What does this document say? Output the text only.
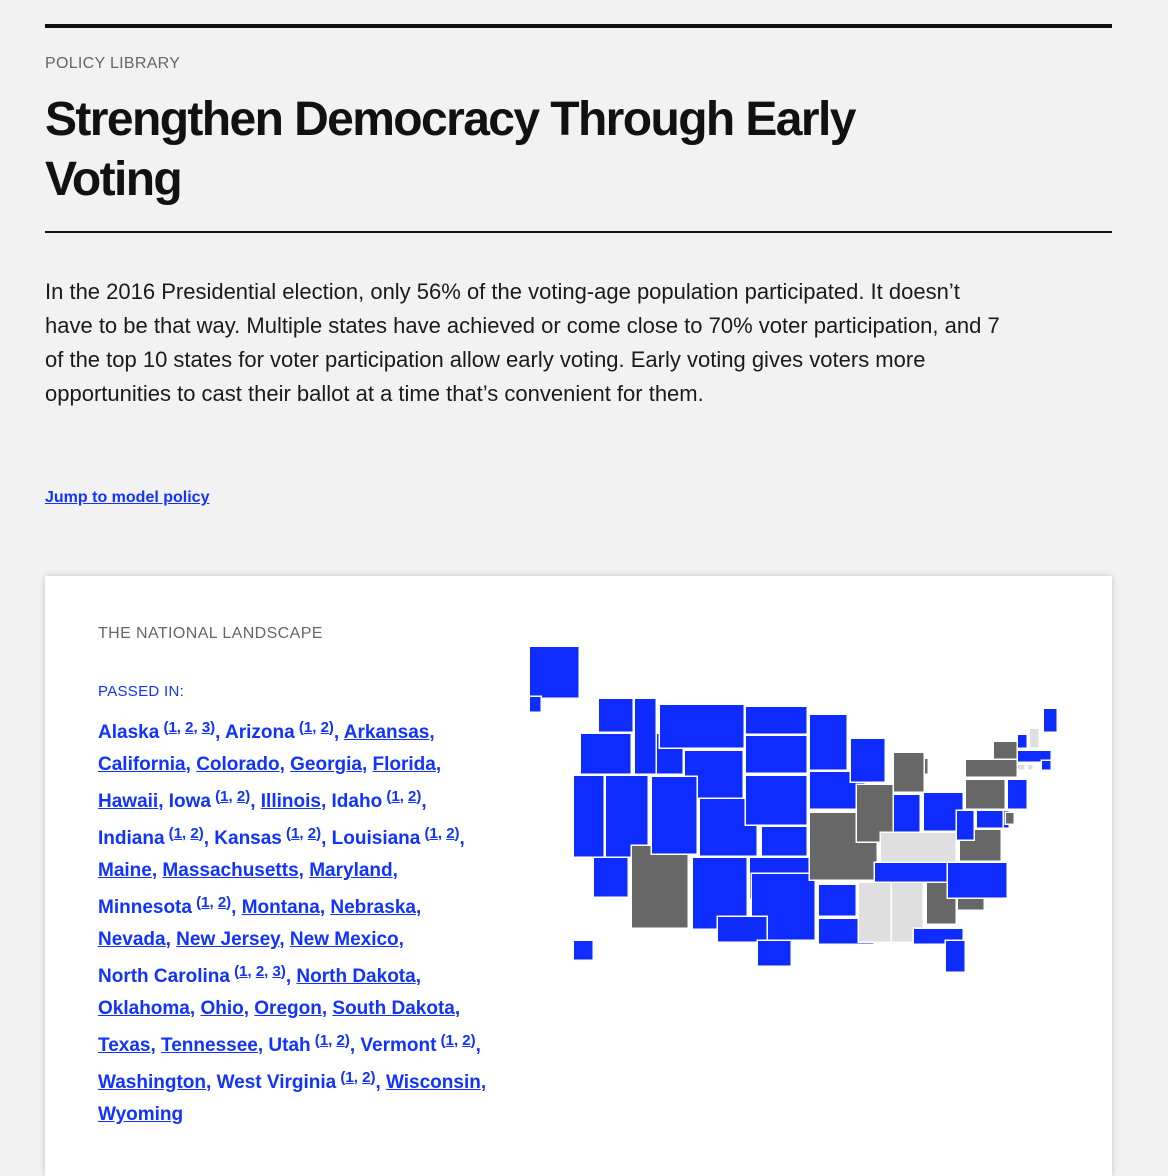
POLICY LIBRARY
Strengthen Democracy Through Early Voting

In the 2016 Presidential election, only 56% of the voting-age population participated. It doesn’t have to be that way. Multiple states have achieved or come close to 70% voter participation, and 7 of the top 10 states for voter participation allow early voting. Early voting gives voters more opportunities to cast their ballot at a time that’s convenient for them.

Jump to model policy
THE NATIONAL LANDSCAPE
PASSED IN:
Alaska $^{(1, 2, 3)}$, Arizona $^{(1, 2)}$, Arkansas, California, Colorado, Georgia, Florida, Hawaii, Iowa $^{(1, 2)}$, Illinois, Idaho $^{(1, 2)}$, Indiana $^{(1, 2)}$, Kansas $^{(1, 2)}$, Louisiana $^{(1, 2)}$, Maine, Massachusetts, Maryland, Minnesota $^{(1, 2)}$, Montana, Nebraska, Nevada, New Jersey, New Mexico, North Carolina $^{(1, 2, 3)}$, North Dakota, Oklahoma, Ohio, Oregon, South Dakota, Texas, Tennessee, Utah $^{(1, 2)}$, Vermont $^{(1, 2)}$, Washington, West Virginia $^{(1, 2)}$, Wisconsin, Wyoming
